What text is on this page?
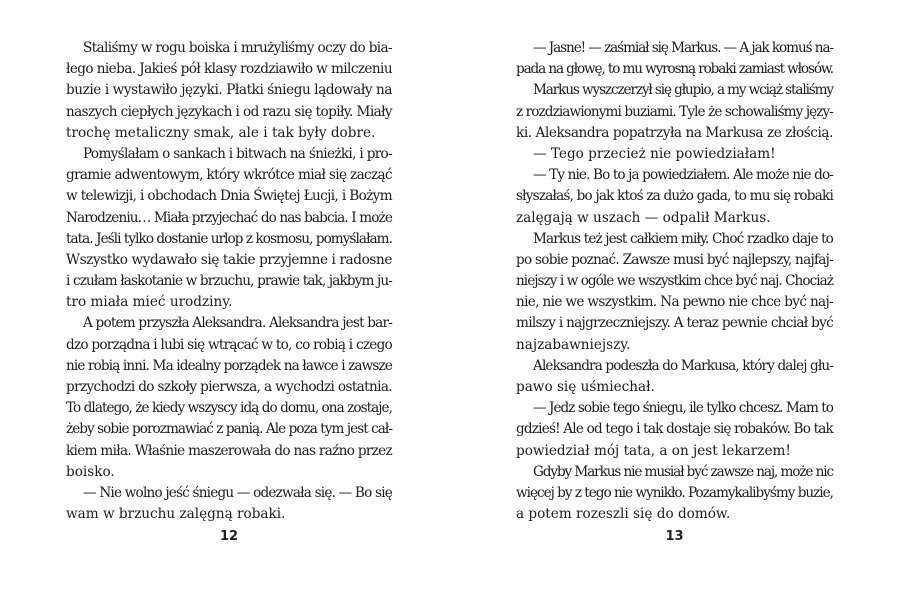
Staliśmy w rogu boiska i mrużyliśmy oczy do bia-
łego nieba. Jakieś pół klasy rozdziawiło w milczeniu
buzie i wystawiło języki. Płatki śniegu lądowały na
naszych ciepłych językach i od razu się topiły. Miały
trochę metaliczny smak, ale i tak były dobre.
Pomyślałam o sankach i bitwach na śnieżki, i pro-
gramie adwentowym, który wkrótce miał się zacząć
w telewizji, i obchodach Dnia Świętej Łucji, i Bożym
Narodzeniu… Miała przyjechać do nas babcia. I może
tata. Jeśli tylko dostanie urlop z kosmosu, pomyślałam.
Wszystko wydawało się takie przyjemne i radosne
i czułam łaskotanie w brzuchu, prawie tak, jakbym ju-
tro miała mieć urodziny.
A potem przyszła Aleksandra. Aleksandra jest bar-
dzo porządna i lubi się wtrącać w to, co robią i czego
nie robią inni. Ma idealny porządek na ławce i zawsze
przychodzi do szkoły pierwsza, a wychodzi ostatnia.
To dlatego, że kiedy wszyscy idą do domu, ona zostaje,
żeby sobie porozmawiać z panią. Ale poza tym jest cał-
kiem miła. Właśnie maszerowała do nas raźno przez
boisko.
— Nie wolno jeść śniegu — odezwała się. — Bo się
wam w brzuchu zalęgną robaki.
12
— Jasne! — zaśmiał się Markus. — A jak komuś na-
pada na głowę, to mu wyrosną robaki zamiast włosów.
Markus wyszczerzył się głupio, a my wciąż staliśmy
z rozdziawionymi buziami. Tyle że schowaliśmy języ-
ki. Aleksandra popatrzyła na Markusa ze złością.
— Tego przecież nie powiedziałam!
— Ty nie. Bo to ja powiedziałem. Ale może nie do-
słyszałaś, bo jak ktoś za dużo gada, to mu się robaki
zalęgają w uszach — odpalił Markus.
Markus też jest całkiem miły. Choć rzadko daje to
po sobie poznać. Zawsze musi być najlepszy, najfaj-
niejszy i w ogóle we wszystkim chce być naj. Chociaż
nie, nie we wszystkim. Na pewno nie chce być naj-
milszy i najgrzeczniejszy. A teraz pewnie chciał być
najzabawniejszy.
Aleksandra podeszła do Markusa, który dalej głu-
pawo się uśmiechał.
— Jedz sobie tego śniegu, ile tylko chcesz. Mam to
gdzieś! Ale od tego i tak dostaje się robaków. Bo tak
powiedział mój tata, a on jest lekarzem!
Gdyby Markus nie musiał być zawsze naj, może nic
więcej by z tego nie wynikło. Pozamykalibyśmy buzie,
a potem rozeszli się do domów.
13
